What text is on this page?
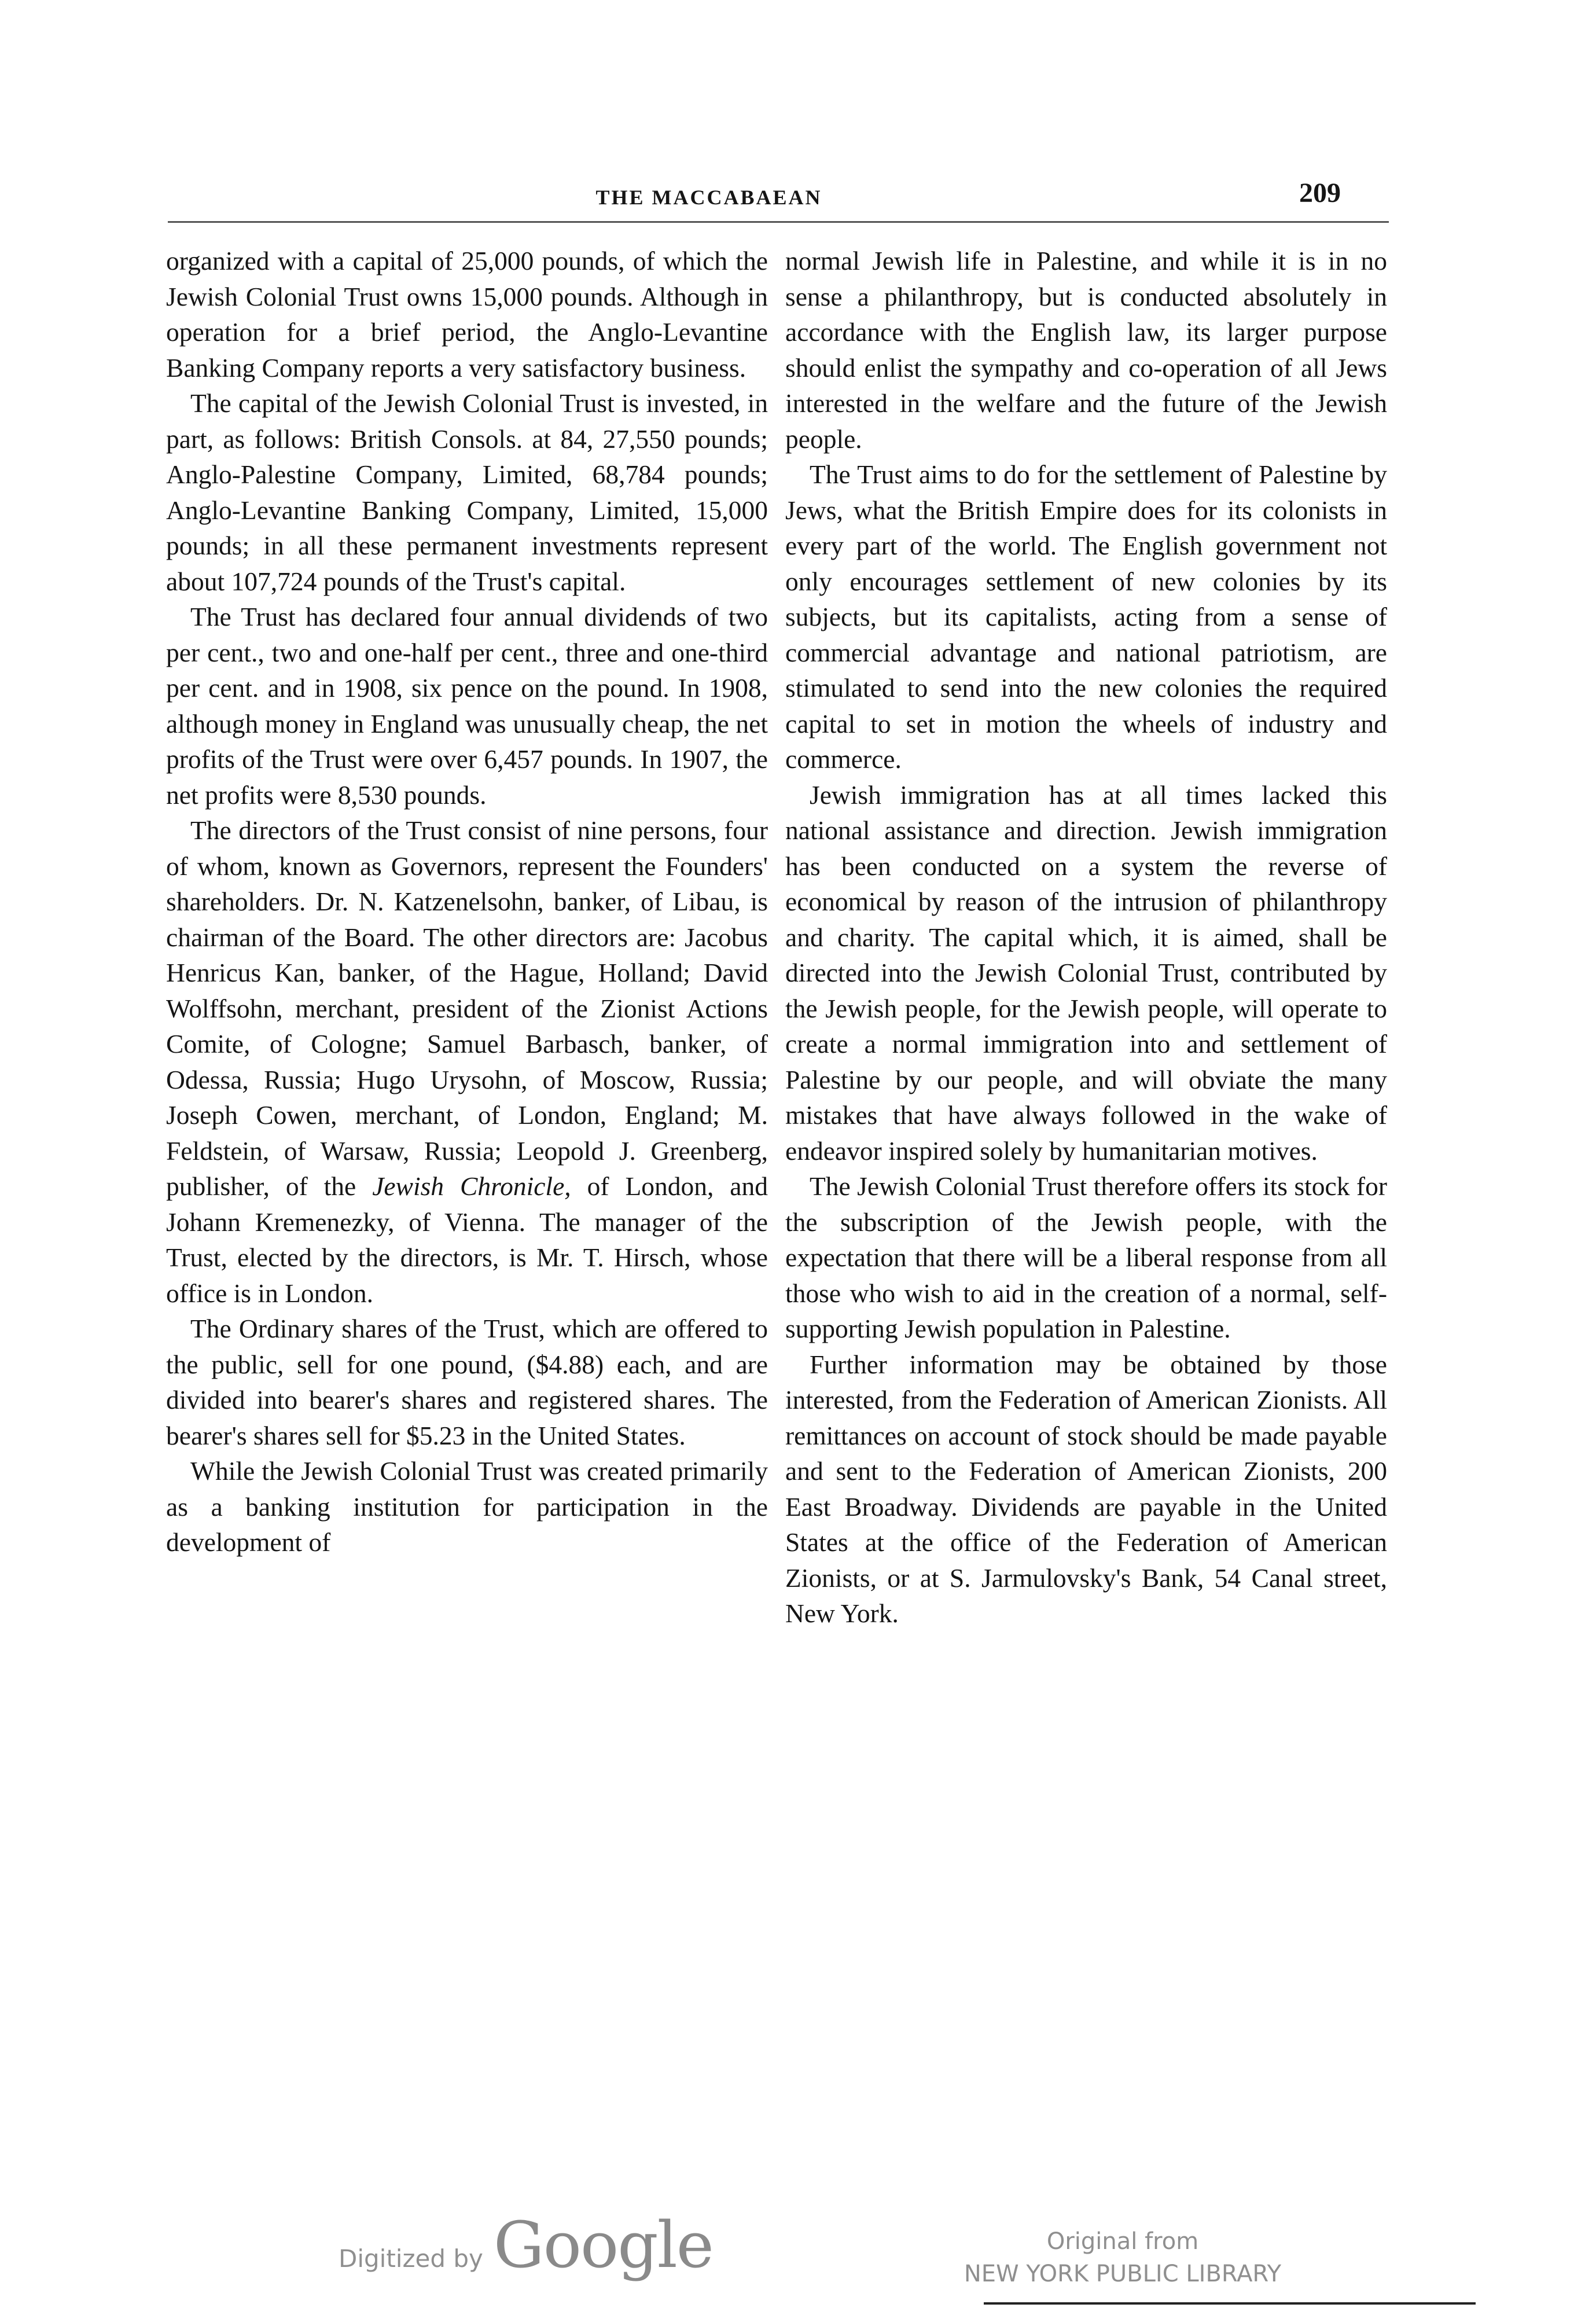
THE MACCABAEAN	209

organized with a capital of 25,000 pounds, of which the Jewish Colonial Trust owns 15,000 pounds. Although in operation for a brief period, the Anglo-Levantine Banking Company reports a very satisfactory business.

The capital of the Jewish Colonial Trust is invested, in part, as follows: British Consols. at 84, 27,550 pounds; Anglo-Palestine Company, Limited, 68,784 pounds; Anglo-Levantine Banking Company, Limited, 15,000 pounds; in all these permanent investments represent about 107,724 pounds of the Trust's capital.

The Trust has declared four annual dividends of two per cent., two and one-half per cent., three and one-third per cent. and in 1908, six pence on the pound. In 1908, although money in England was unusually cheap, the net profits of the Trust were over 6,457 pounds. In 1907, the net profits were 8,530 pounds.

The directors of the Trust consist of nine persons, four of whom, known as Governors, represent the Founders' shareholders. Dr. N. Katzenelsohn, banker, of Libau, is chairman of the Board. The other directors are: Jacobus Henricus Kan, banker, of the Hague, Holland; David Wolffsohn, merchant, president of the Zionist Actions Comite, of Cologne; Samuel Barbasch, banker, of Odessa, Russia; Hugo Urysohn, of Moscow, Russia; Joseph Cowen, merchant, of London, England; M. Feldstein, of Warsaw, Russia; Leopold J. Greenberg, publisher, of the Jewish Chronicle, of London, and Johann Kremenezky, of Vienna. The manager of the Trust, elected by the directors, is Mr. T. Hirsch, whose office is in London.

The Ordinary shares of the Trust, which are offered to the public, sell for one pound, ($4.88) each, and are divided into bearer's shares and registered shares. The bearer's shares sell for $5.23 in the United States.

While the Jewish Colonial Trust was created primarily as a banking institution for participation in the development of

normal Jewish life in Palestine, and while it is in no sense a philanthropy, but is conducted absolutely in accordance with the English law, its larger purpose should enlist the sympathy and co-operation of all Jews interested in the welfare and the future of the Jewish people.

The Trust aims to do for the settlement of Palestine by Jews, what the British Empire does for its colonists in every part of the world. The English government not only encourages settlement of new colonies by its subjects, but its capitalists, acting from a sense of commercial advantage and national patriotism, are stimulated to send into the new colonies the required capital to set in motion the wheels of industry and commerce.

Jewish immigration has at all times lacked this national assistance and direction. Jewish immigration has been conducted on a system the reverse of economical by reason of the intrusion of philanthropy and charity. The capital which, it is aimed, shall be directed into the Jewish Colonial Trust, contributed by the Jewish people, for the Jewish people, will operate to create a normal immigration into and settlement of Palestine by our people, and will obviate the many mistakes that have always followed in the wake of endeavor inspired solely by humanitarian motives.

The Jewish Colonial Trust therefore offers its stock for the subscription of the Jewish people, with the expectation that there will be a liberal response from all those who wish to aid in the creation of a normal, self-supporting Jewish population in Palestine.

Further information may be obtained by those interested, from the Federation of American Zionists. All remittances on account of stock should be made payable and sent to the Federation of American Zionists, 200 East Broadway. Dividends are payable in the United States at the office of the Federation of American Zionists, or at S. Jarmulovsky's Bank, 54 Canal street, New York.

Digitized by Google	Original from
NEW YORK PUBLIC LIBRARY
